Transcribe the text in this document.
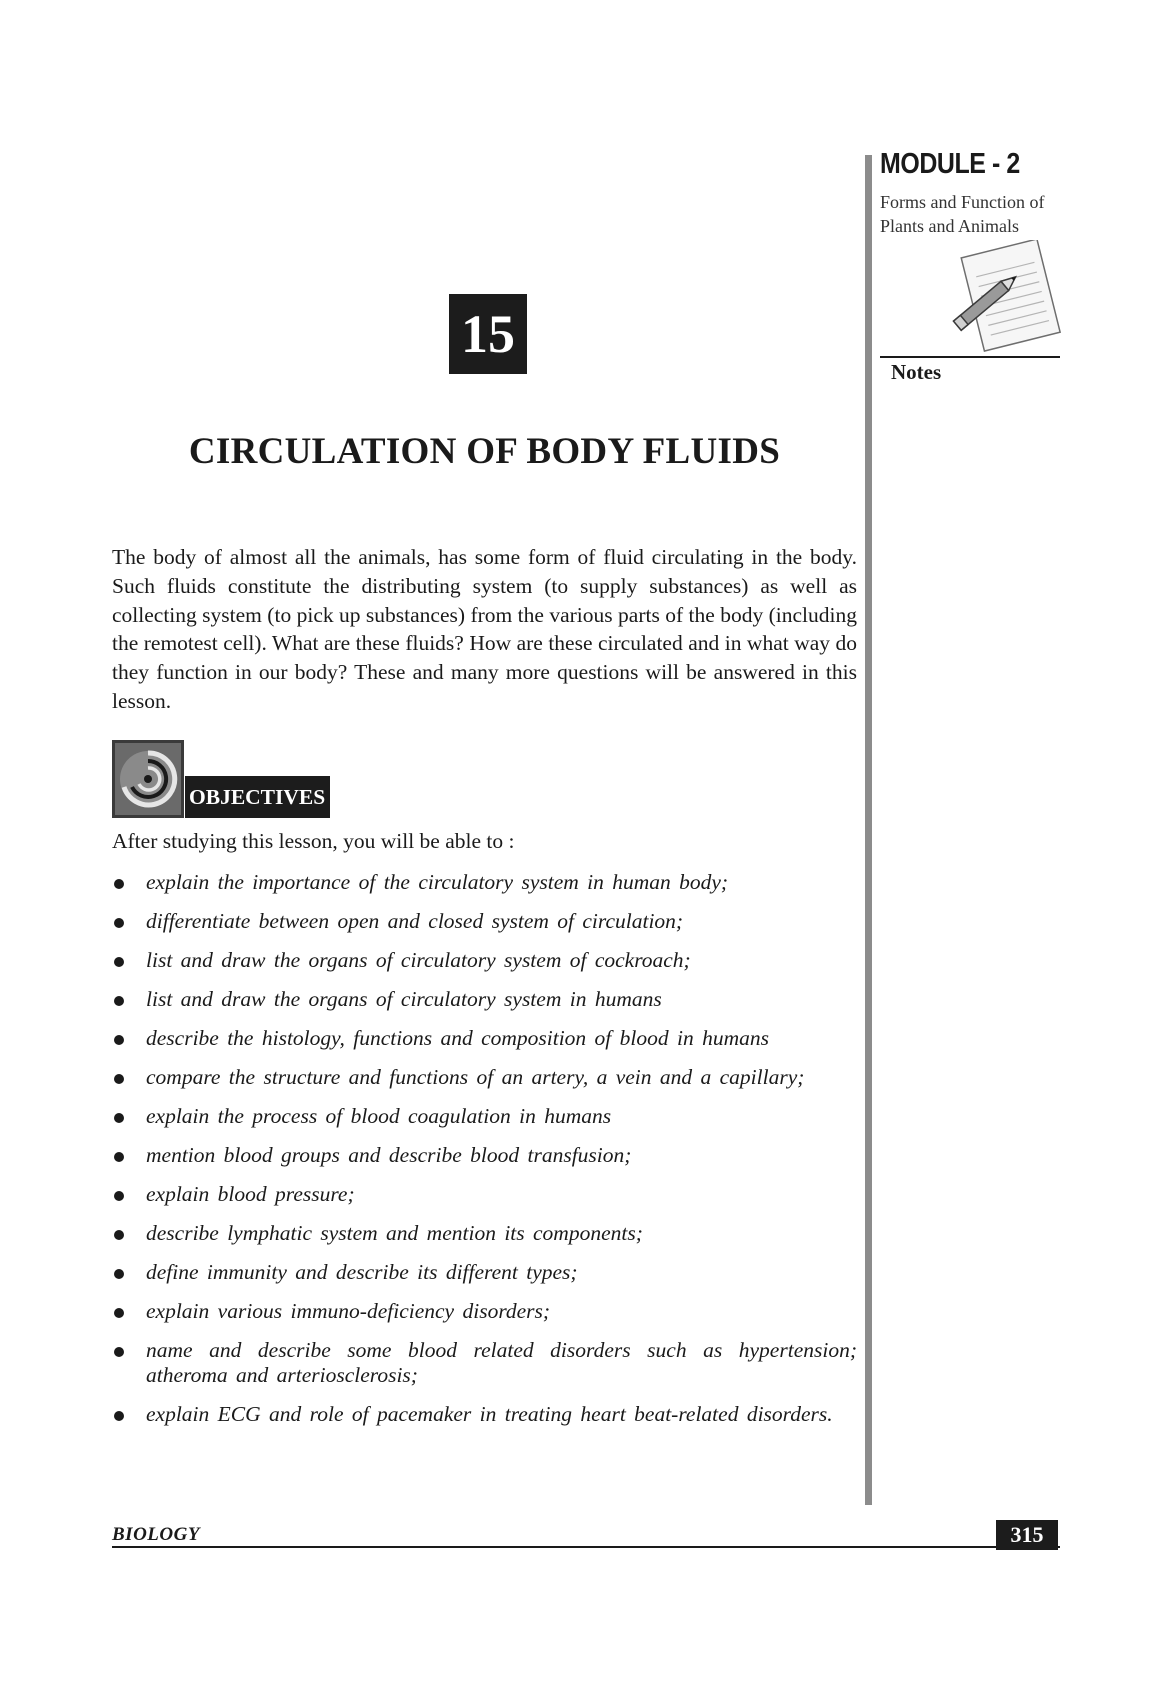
MODULE - 2
Forms and Function of Plants and Animals
Notes
15
CIRCULATION OF BODY FLUIDS

The body of almost all the animals, has some form of fluid circulating in the body. Such fluids constitute the distributing system (to supply substances) as well as collecting system (to pick up substances) from the various parts of the body (including the remotest cell). What are these fluids? How are these circulated and in what way do they function in our body? These and many more questions will be answered in this lesson.

OBJECTIVES
After studying this lesson, you will be able to :
explain the importance of the circulatory system in human body;
differentiate between open and closed system of circulation;
list and draw the organs of circulatory system of cockroach;
list and draw the organs of circulatory system in humans
describe the histology, functions and composition of blood in humans
compare the structure and functions of an artery, a vein and a capillary;
explain the process of blood coagulation in humans
mention blood groups and describe blood transfusion;
explain blood pressure;
describe lymphatic system and mention its components;
define immunity and describe its different types;
explain various immuno-deficiency disorders;
name and describe some blood related disorders such as hypertension; atheroma and arteriosclerosis;
explain ECG and role of pacemaker in treating heart beat-related disorders.
BIOLOGY	315
